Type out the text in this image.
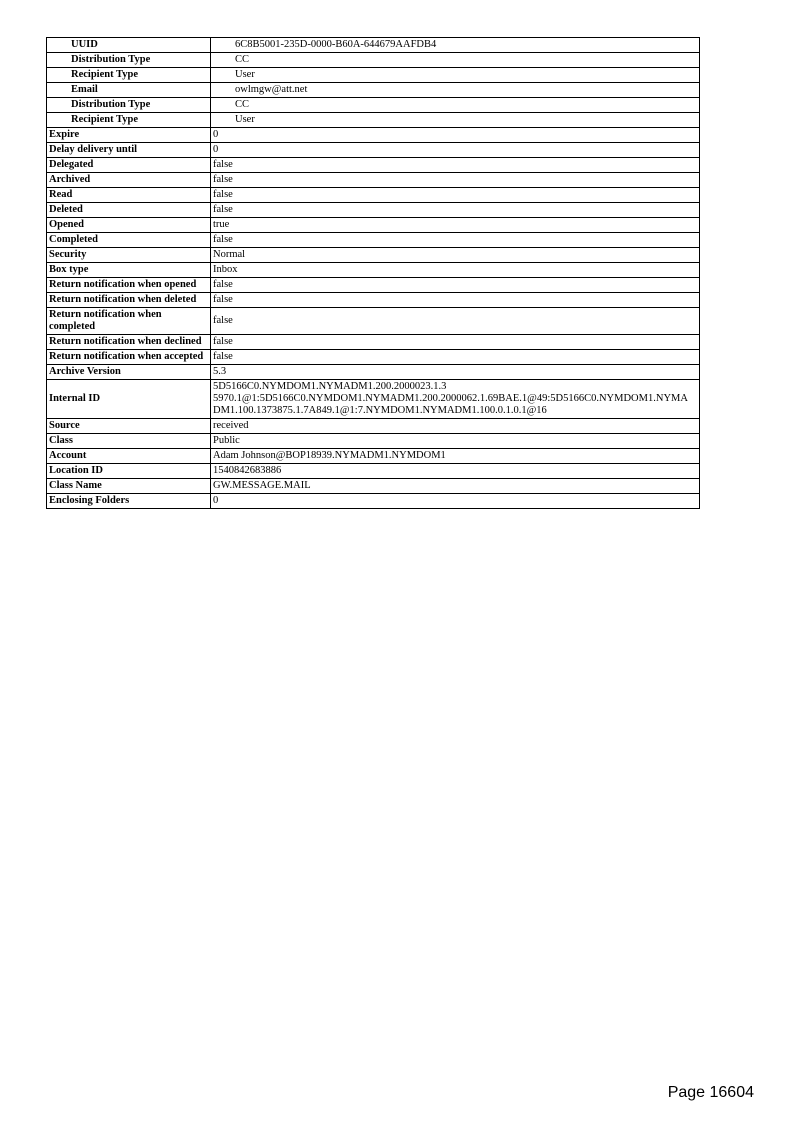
UUID	6C8B5001-235D-0000-B60A-644679AAFDB4
Distribution Type	CC
Recipient Type	User
Email	owlmgw@att.net
Distribution Type	CC
Recipient Type	User
Expire	0
Delay delivery until	0
Delegated	false
Archived	false
Read	false
Deleted	false
Opened	true
Completed	false
Security	Normal
Box type	Inbox
Return notification when opened	false
Return notification when deleted	false
Return notification when completed	false
Return notification when declined	false
Return notification when accepted	false
Archive Version	5.3
Internal ID	5D5166C0.NYMDOM1.NYMADM1.200.2000023.1.3 5970.1@1:5D5166C0.NYMDOM1.NYMADM1.200.2000062.1.69BAE.1@49:5D5166C0.NYMDOM1.NYMA DM1.100.1373875.1.7A849.1@1:7.NYMDOM1.NYMADM1.100.0.1.0.1@16
Source	received
Class	Public
Account	Adam Johnson@BOP18939.NYMADM1.NYMDOM1
Location ID	1540842683886
Class Name	GW.MESSAGE.MAIL
Enclosing Folders	0
Page 16604
